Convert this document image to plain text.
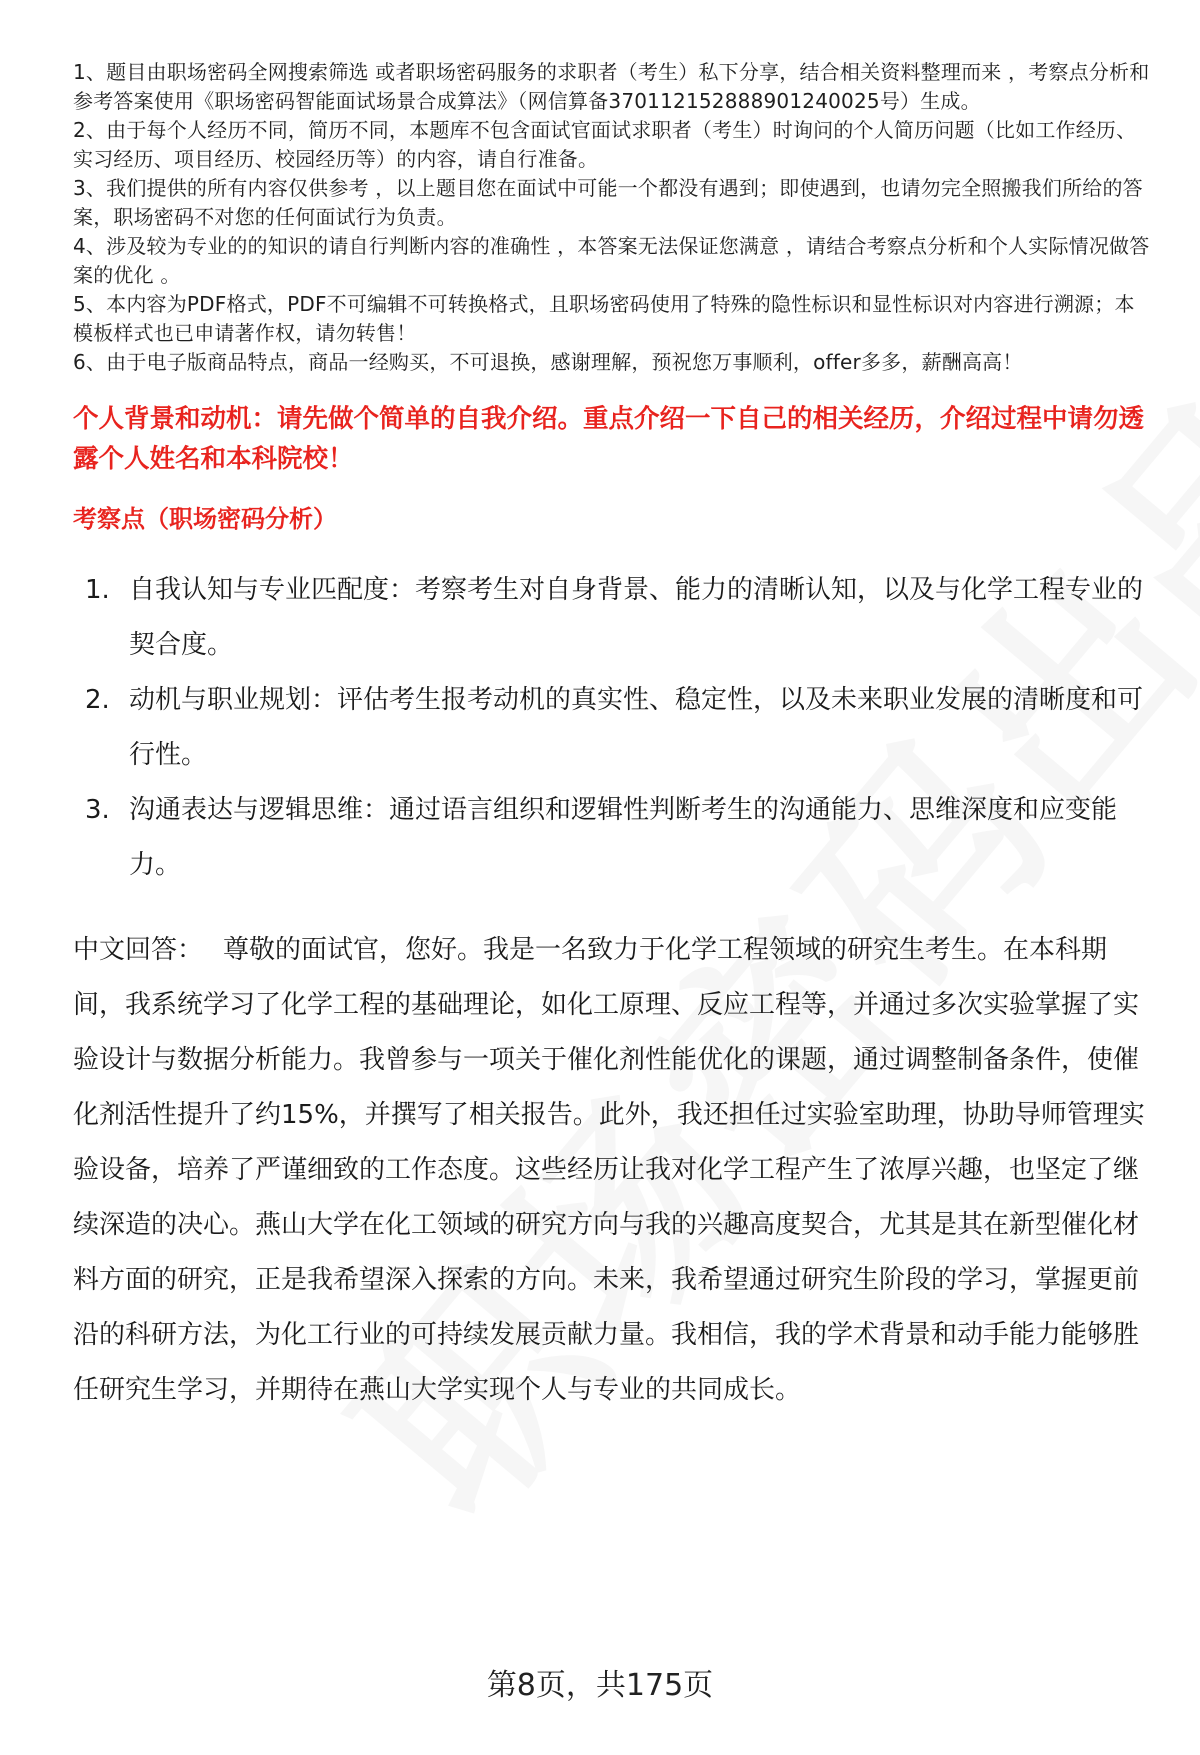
1、题目由职场密码全网搜索筛选 或者职场密码服务的求职者（考生）私下分享，结合相关资料整理而来 ，考察点分析和参考答案使用《职场密码智能面试场景合成算法》（网信算备370112152888901240025号）生成。
2、由于每个人经历不同，简历不同，本题库不包含面试官面试求职者（考生）时询问的个人简历问题（比如工作经历、实习经历、项目经历、校园经历等）的内容，请自行准备。
3、我们提供的所有内容仅供参考 ，以上题目您在面试中可能一个都没有遇到；即使遇到，也请勿完全照搬我们所给的答案，职场密码不对您的任何面试行为负责。
4、涉及较为专业的的知识的请自行判断内容的准确性 ，本答案无法保证您满意 ，请结合考察点分析和个人实际情况做答案的优化 。
5、本内容为PDF格式，PDF不可编辑不可转换格式，且职场密码使用了特殊的隐性标识和显性标识对内容进行溯源；本模板样式也已申请著作权，请勿转售！
6、由于电子版商品特点，商品一经购买，不可退换，感谢理解，预祝您万事顺利，offer多多，薪酬高高！
个人背景和动机：请先做个简单的自我介绍。重点介绍一下自己的相关经历，介绍过程中请勿透露个人姓名和本科院校！
考察点（职场密码分析）
1. 自我认知与专业匹配度：考察考生对自身背景、能力的清晰认知，以及与化学工程专业的契合度。
2. 动机与职业规划：评估考生报考动机的真实性、稳定性，以及未来职业发展的清晰度和可行性。
3. 沟通表达与逻辑思维：通过语言组织和逻辑性判断考生的沟通能力、思维深度和应变能力。

中文回答： 尊敬的面试官，您好。我是一名致力于化学工程领域的研究生考生。在本科期间，我系统学习了化学工程的基础理论，如化工原理、反应工程等，并通过多次实验掌握了实验设计与数据分析能力。我曾参与一项关于催化剂性能优化的课题，通过调整制备条件，使催化剂活性提升了约15%，并撰写了相关报告。此外，我还担任过实验室助理，协助导师管理实验设备，培养了严谨细致的工作态度。这些经历让我对化学工程产生了浓厚兴趣，也坚定了继续深造的决心。燕山大学在化工领域的研究方向与我的兴趣高度契合，尤其是其在新型催化材料方面的研究，正是我希望深入探索的方向。未来，我希望通过研究生阶段的学习，掌握更前沿的科研方法，为化工行业的可持续发展贡献力量。我相信，我的学术背景和动手能力能够胜任研究生学习，并期待在燕山大学实现个人与专业的共同成长。

第8页，共175页
